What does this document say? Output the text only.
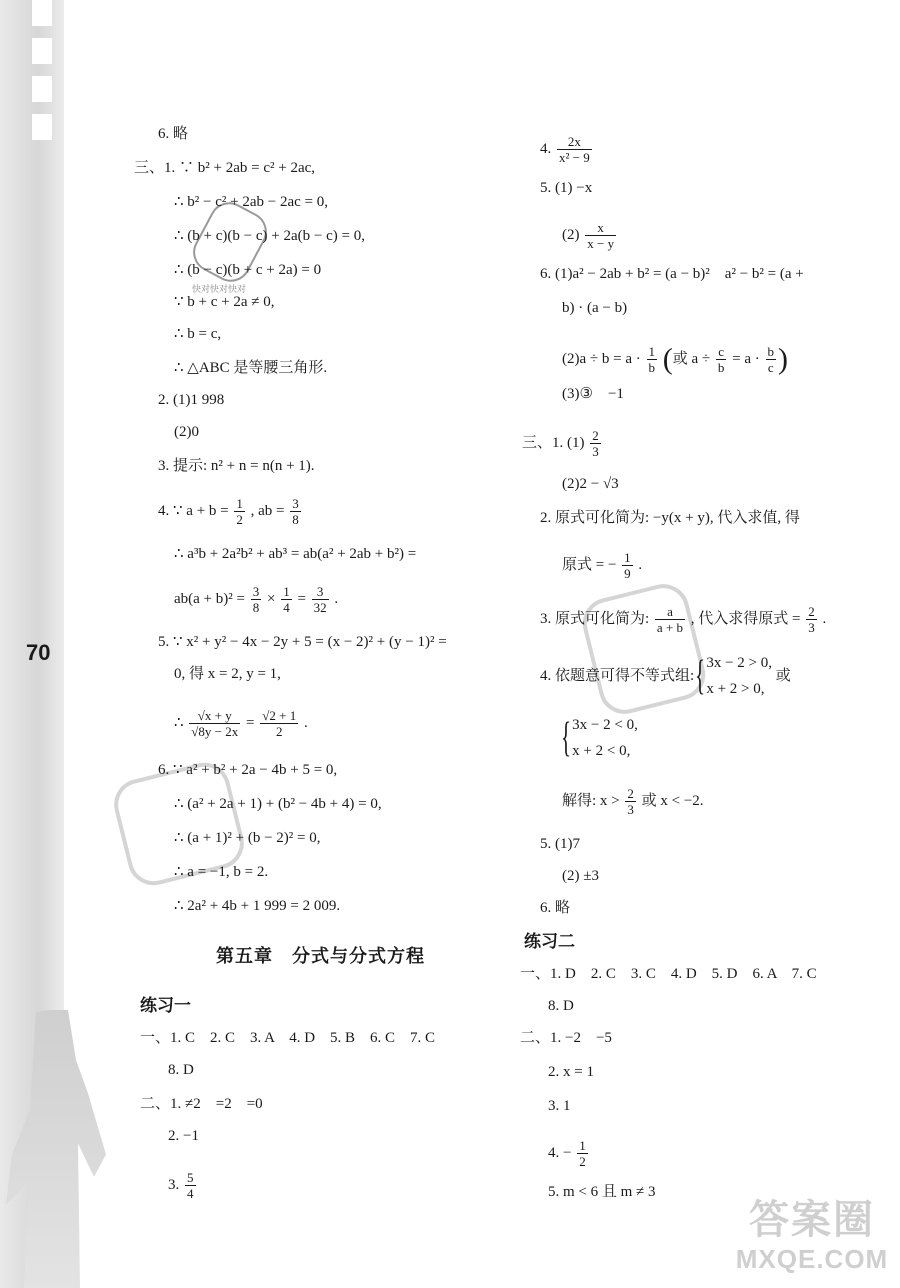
70
快对快对快对
答案圈
MXQE.COM
6. 略
三、1. ∵ b² + 2ab = c² + 2ac,
∴ b² − c² + 2ab − 2ac = 0,
∴ (b + c)(b − c) + 2a(b − c) = 0,
∴ (b − c)(b + c + 2a) = 0
∵ b + c + 2a ≠ 0,
∴ b = c,
∴ △ABC 是等腰三角形.
2. (1)1 998
(2)0
3. 提示: n² + n = n(n + 1).
4. ∵ $a + b = \frac{1}{2}$ , ab = $\frac{3}{8}$
∴ a³b + 2a²b² + ab³ = ab(a² + 2ab + b²) =
$ab(a + b)^2 = \frac{3}{8} \times \frac{1}{4} = \frac{3}{32}$ .
5. ∵ x² + y² − 4x − 2y + 5 = (x − 2)² + (y − 1)² =
0, 得 x = 2, y = 1,
∴ $\frac{√x + y}{√8y - 2x} = \frac{√2 + 1}{2}$ .
6. ∵ a² + b² + 2a − 4b + 5 = 0,
∴ (a² + 2a + 1) + (b² − 4b + 4) = 0,
∴ (a + 1)² + (b − 2)² = 0,
∴ a = −1, b = 2.
∴ 2a² + 4b + 1 999 = 2 009.
第五章　分式与分式方程
练习一
一、1. C　2. C　3. A　4. D　5. B　6. C　7. C
8. D
二、1. ≠2　=2　=0
2. −1
3. $\frac{5}{4}$
4. $\frac{2x}{\text{x² − 9}}$
5. (1) −x
$(2) \frac{x}{x - y}$
6. (1)a² − 2ab + b² = (a − b)²　a² − b² = (a +
b) · (a − b)
$(2)a \div b = a \cdot \frac{1}{b}$ (或 $a \div \frac{c}{b} = a \cdot \frac{b}{c}$ )
(3)③　−1
三、1. $(1) \frac{2}{3}$
(2)2 − √3
2. 原式可化简为: −y(x + y), 代入求值, 得
原式 = − $\frac{1}{9}$ .
3. 原式可化简为: $\frac{a}{a + b}$ , 代入求得原式 = $\frac{2}{3}$ .
4. 依题意可得不等式组:{ 3x − 2 > 0,
x + 2 > 0,
或
{ 3x − 2 < 0,
x + 2 < 0,
解得: $x > \frac{2}{3}$ 或 x < −2.
5. (1)7
(2) ±3
6. 略
练习二
一、1. D　2. C　3. C　4. D　5. D　6. A　7. C
8. D
二、1. −2　−5
2. x = 1
3. 1
4. − $\frac{1}{2}$
5. m < 6 且 m ≠ 3
